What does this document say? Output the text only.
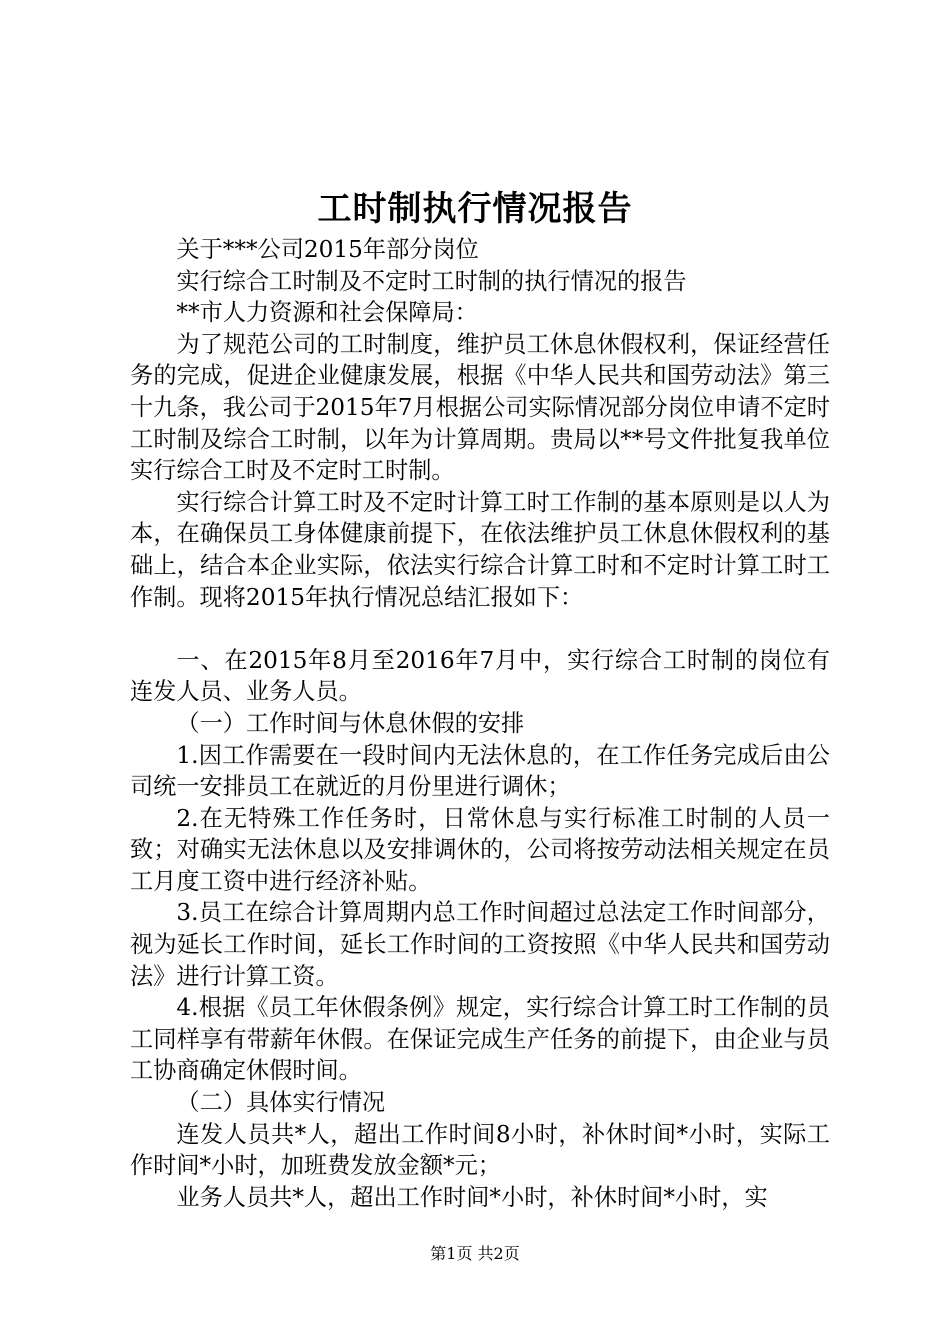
工时制执行情况报告

关于***公司2015年部分岗位

实行综合工时制及不定时工时制的执行情况的报告

**市人力资源和社会保障局：

为了规范公司的工时制度，维护员工休息休假权利，保证经营任务的完成，促进企业健康发展，根据《中华人民共和国劳动法》第三十九条，我公司于2015年7月根据公司实际情况部分岗位申请不定时工时制及综合工时制，以年为计算周期。贵局以**号文件批复我单位实行综合工时及不定时工时制。

实行综合计算工时及不定时计算工时工作制的基本原则是以人为本，在确保员工身体健康前提下，在依法维护员工休息休假权利的基础上，结合本企业实际，依法实行综合计算工时和不定时计算工时工作制。现将2015年执行情况总结汇报如下：

一、在2015年8月至2016年7月中，实行综合工时制的岗位有连发人员、业务人员。

（一）工作时间与休息休假的安排

1.因工作需要在一段时间内无法休息的，在工作任务完成后由公司统一安排员工在就近的月份里进行调休；

2.在无特殊工作任务时，日常休息与实行标准工时制的人员一致；对确实无法休息以及安排调休的，公司将按劳动法相关规定在员工月度工资中进行经济补贴。

3.员工在综合计算周期内总工作时间超过总法定工作时间部分，视为延长工作时间，延长工作时间的工资按照《中华人民共和国劳动法》进行计算工资。

4.根据《员工年休假条例》规定，实行综合计算工时工作制的员工同样享有带薪年休假。在保证完成生产任务的前提下，由企业与员工协商确定休假时间。

（二）具体实行情况

连发人员共*人，超出工作时间8小时，补休时间*小时，实际工作时间*小时，加班费发放金额*元；

业务人员共*人，超出工作时间*小时，补休时间*小时，实

第1页 共2页
